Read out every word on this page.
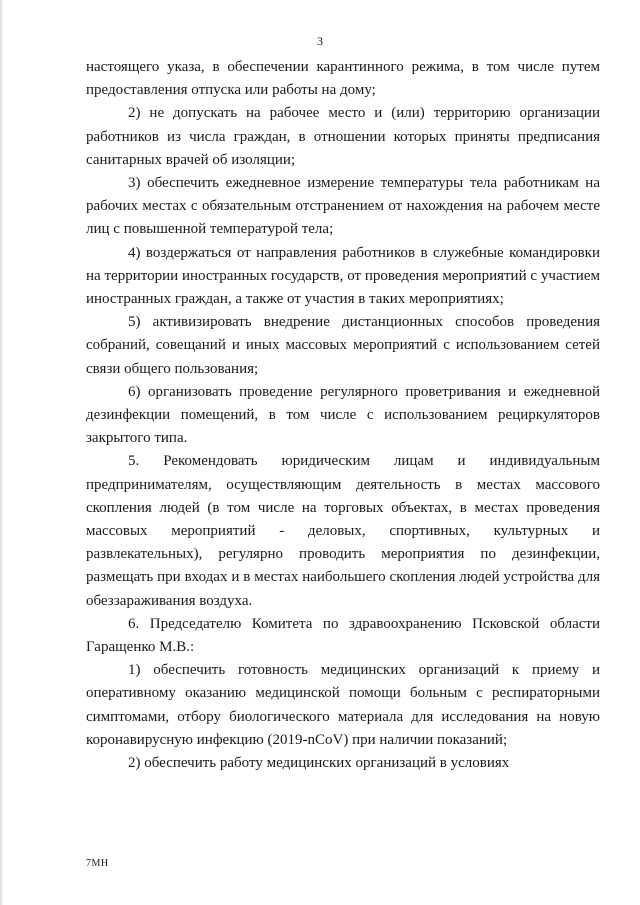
3

настоящего указа, в обеспечении карантинного режима, в том числе путем предоставления отпуска или работы на дому;

2) не допускать на рабочее место и (или) территорию организации работников из числа граждан, в отношении которых приняты предписания санитарных врачей об изоляции;

3) обеспечить ежедневное измерение температуры тела работникам на рабочих местах с обязательным отстранением от нахождения на рабочем месте лиц с повышенной температурой тела;

4) воздержаться от направления работников в служебные командировки на территории иностранных государств, от проведения мероприятий с участием иностранных граждан, а также от участия в таких мероприятиях;

5) активизировать внедрение дистанционных способов проведения собраний, совещаний и иных массовых мероприятий с использованием сетей связи общего пользования;

6) организовать проведение регулярного проветривания и ежедневной дезинфекции помещений, в том числе с использованием рециркуляторов закрытого типа.

5. Рекомендовать юридическим лицам и индивидуальным предпринимателям, осуществляющим деятельность в местах массового скопления людей (в том числе на торговых объектах, в местах проведения массовых мероприятий - деловых, спортивных, культурных и развлекательных), регулярно проводить мероприятия по дезинфекции, размещать при входах и в местах наибольшего скопления людей устройства для обеззараживания воздуха.

6. Председателю Комитета по здравоохранению Псковской области Гаращенко М.В.:

1) обеспечить готовность медицинских организаций к приему и оперативному оказанию медицинской помощи больным с респираторными симптомами, отбору биологического материала для исследования на новую коронавирусную инфекцию (2019-nCoV) при наличии показаний;

2) обеспечить работу медицинских организаций в условиях

7МН
